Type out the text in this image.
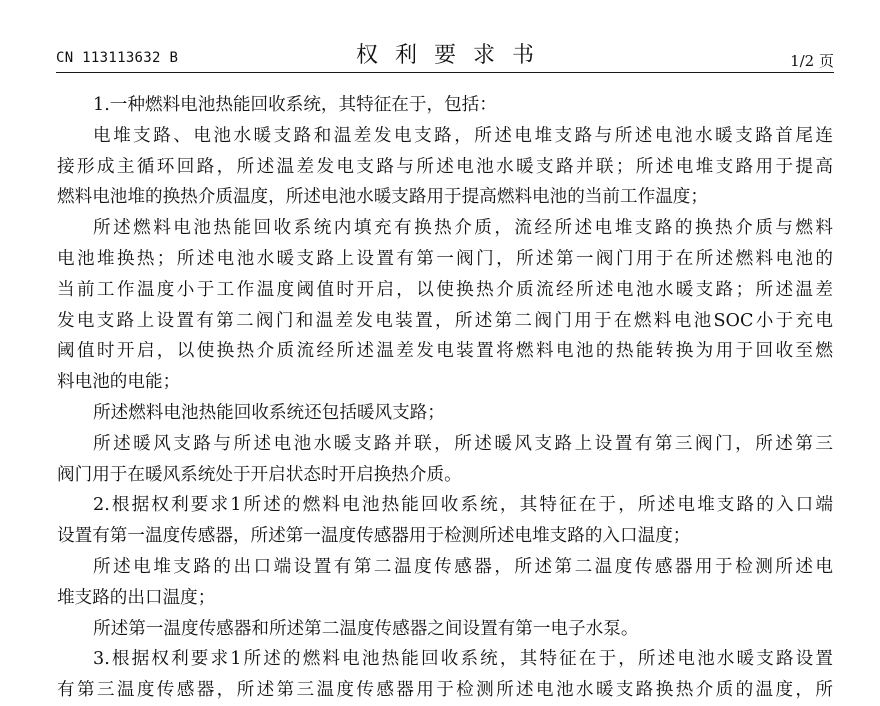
CN 113113632 B	权利要求书	1/2 页
1.一种燃料电池热能回收系统，其特征在于，包括：
电堆支路、电池水暖支路和温差发电支路，所述电堆支路与所述电池水暖支路首尾连
接形成主循环回路，所述温差发电支路与所述电池水暖支路并联；所述电堆支路用于提高
燃料电池堆的换热介质温度，所述电池水暖支路用于提高燃料电池的当前工作温度；
所述燃料电池热能回收系统内填充有换热介质，流经所述电堆支路的换热介质与燃料
电池堆换热；所述电池水暖支路上设置有第一阀门，所述第一阀门用于在所述燃料电池的
当前工作温度小于工作温度阈值时开启，以使换热介质流经所述电池水暖支路；所述温差
发电支路上设置有第二阀门和温差发电装置，所述第二阀门用于在燃料电池SOC小于充电
阈值时开启，以使换热介质流经所述温差发电装置将燃料电池的热能转换为用于回收至燃
料电池的电能；
所述燃料电池热能回收系统还包括暖风支路；
所述暖风支路与所述电池水暖支路并联，所述暖风支路上设置有第三阀门，所述第三
阀门用于在暖风系统处于开启状态时开启换热介质。
2.根据权利要求1所述的燃料电池热能回收系统，其特征在于，所述电堆支路的入口端
设置有第一温度传感器，所述第一温度传感器用于检测所述电堆支路的入口温度；
所述电堆支路的出口端设置有第二温度传感器，所述第二温度传感器用于检测所述电
堆支路的出口温度；
所述第一温度传感器和所述第二温度传感器之间设置有第一电子水泵。
3.根据权利要求1所述的燃料电池热能回收系统，其特征在于，所述电池水暖支路设置
有第三温度传感器，所述第三温度传感器用于检测所述电池水暖支路换热介质的温度，所
